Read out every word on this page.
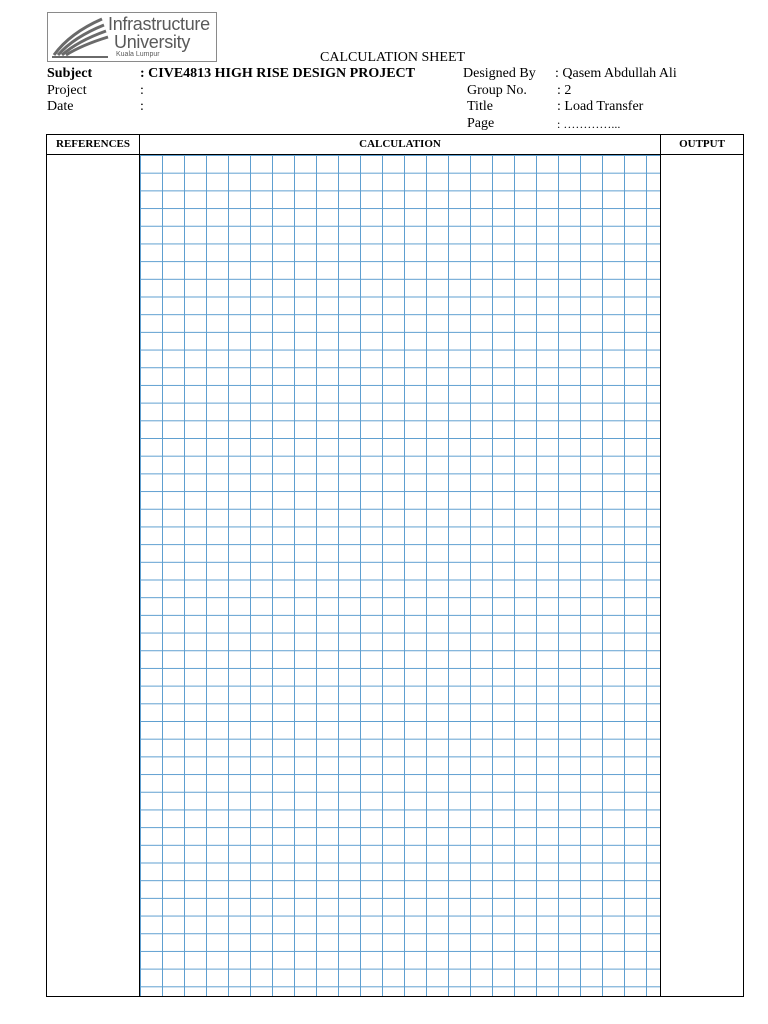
Infrastructure
University
Kuala Lumpur	CALCULATION SHEET
Subject	: CIVE4813 HIGH RISE DESIGN PROJECT
Project	:
Date	:
Designed By : Qasem Abdullah Ali
Group No. : 2
Title	: Load Transfer
Page	: …………...
REFERENCES	CALCULATION	OUTPUT
